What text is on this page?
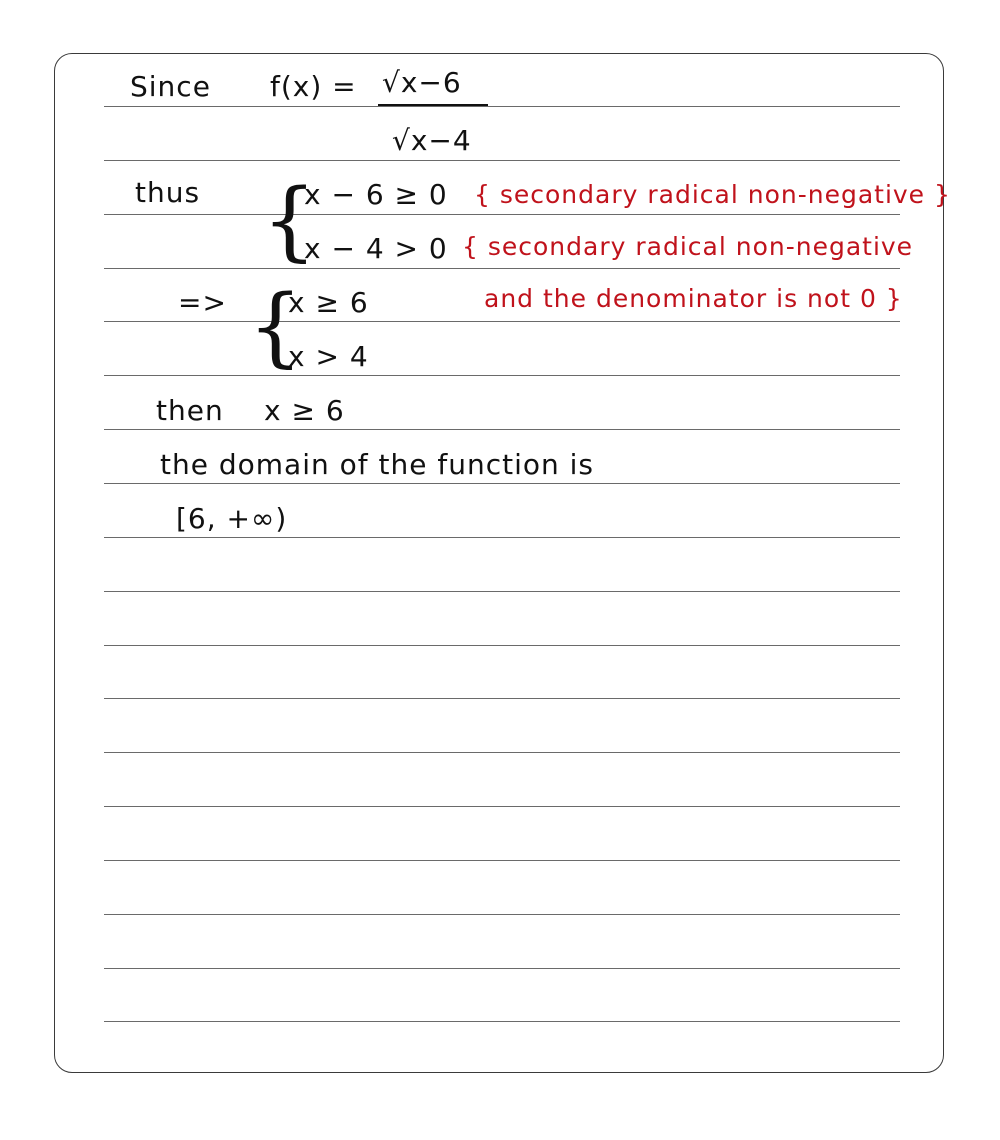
Since f(x) = √x−6
√x−4
thus {
x − 6 ≥ 0 { secondary radical non-negative }
x − 4 > 0 { secondary radical non-negative
=> {
x ≥ 6	and the denominator is not 0 }
x > 4
then x ≥ 6
the domain of the function is
[6, +∞)
